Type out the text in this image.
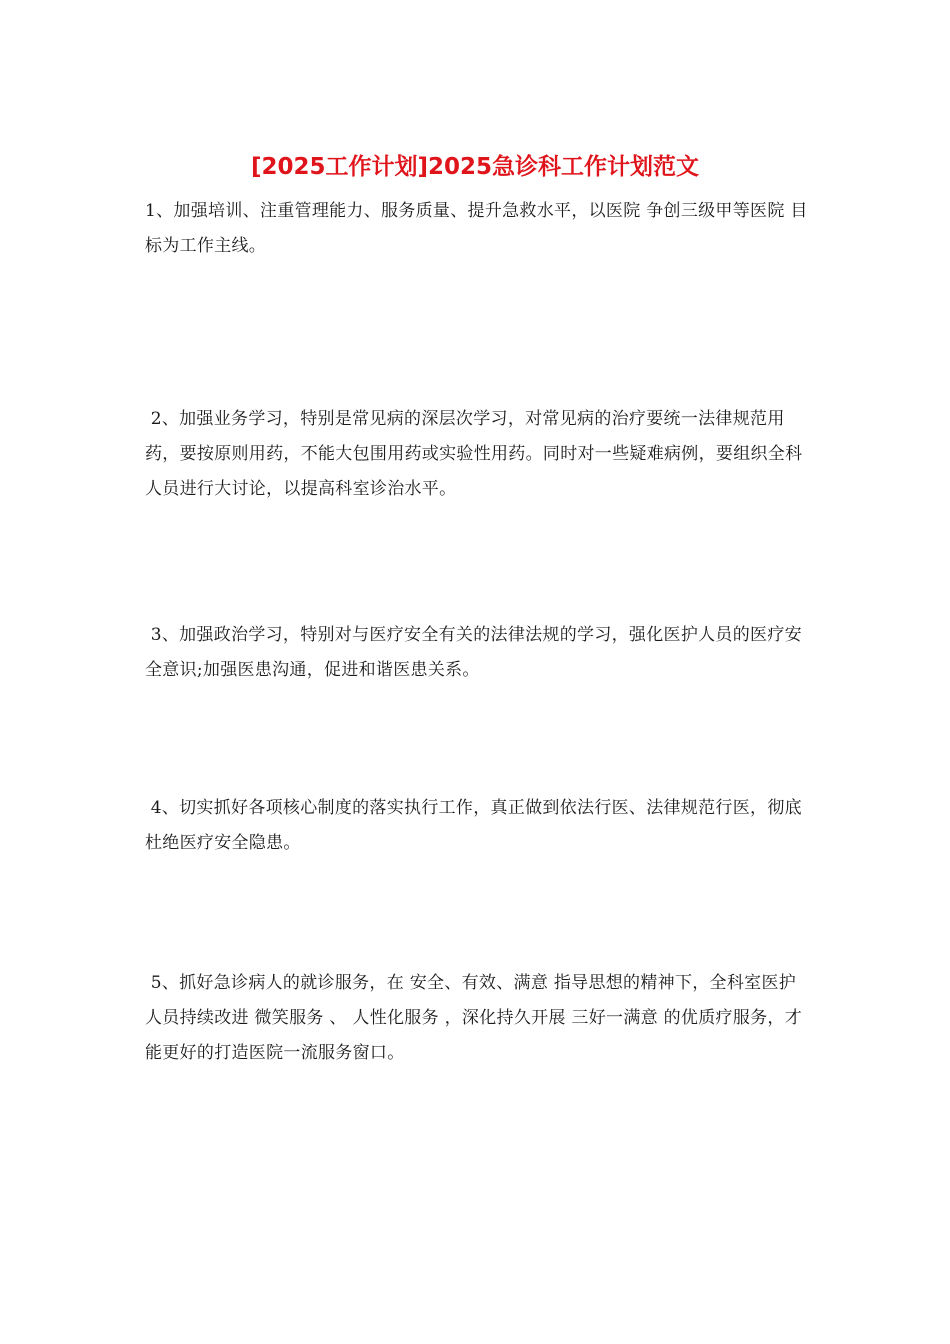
[2025工作计划]2025急诊科工作计划范文

1、加强培训、注重管理能力、服务质量、提升急救水平，以医院 争创三级甲等医院 目标为工作主线。

2、加强业务学习，特别是常见病的深层次学习，对常见病的治疗要统一法律规范用药，要按原则用药，不能大包围用药或实验性用药。同时对一些疑难病例，要组织全科人员进行大讨论，以提高科室诊治水平。

3、加强政治学习，特别对与医疗安全有关的法律法规的学习，强化医护人员的医疗安全意识;加强医患沟通，促进和谐医患关系。

4、切实抓好各项核心制度的落实执行工作，真正做到依法行医、法律规范行医，彻底杜绝医疗安全隐患。

5、抓好急诊病人的就诊服务，在 安全、有效、满意 指导思想的精神下，全科室医护人员持续改进 微笑服务 、 人性化服务 ，深化持久开展 三好一满意 的优质疗服务，才能更好的打造医院一流服务窗口。
